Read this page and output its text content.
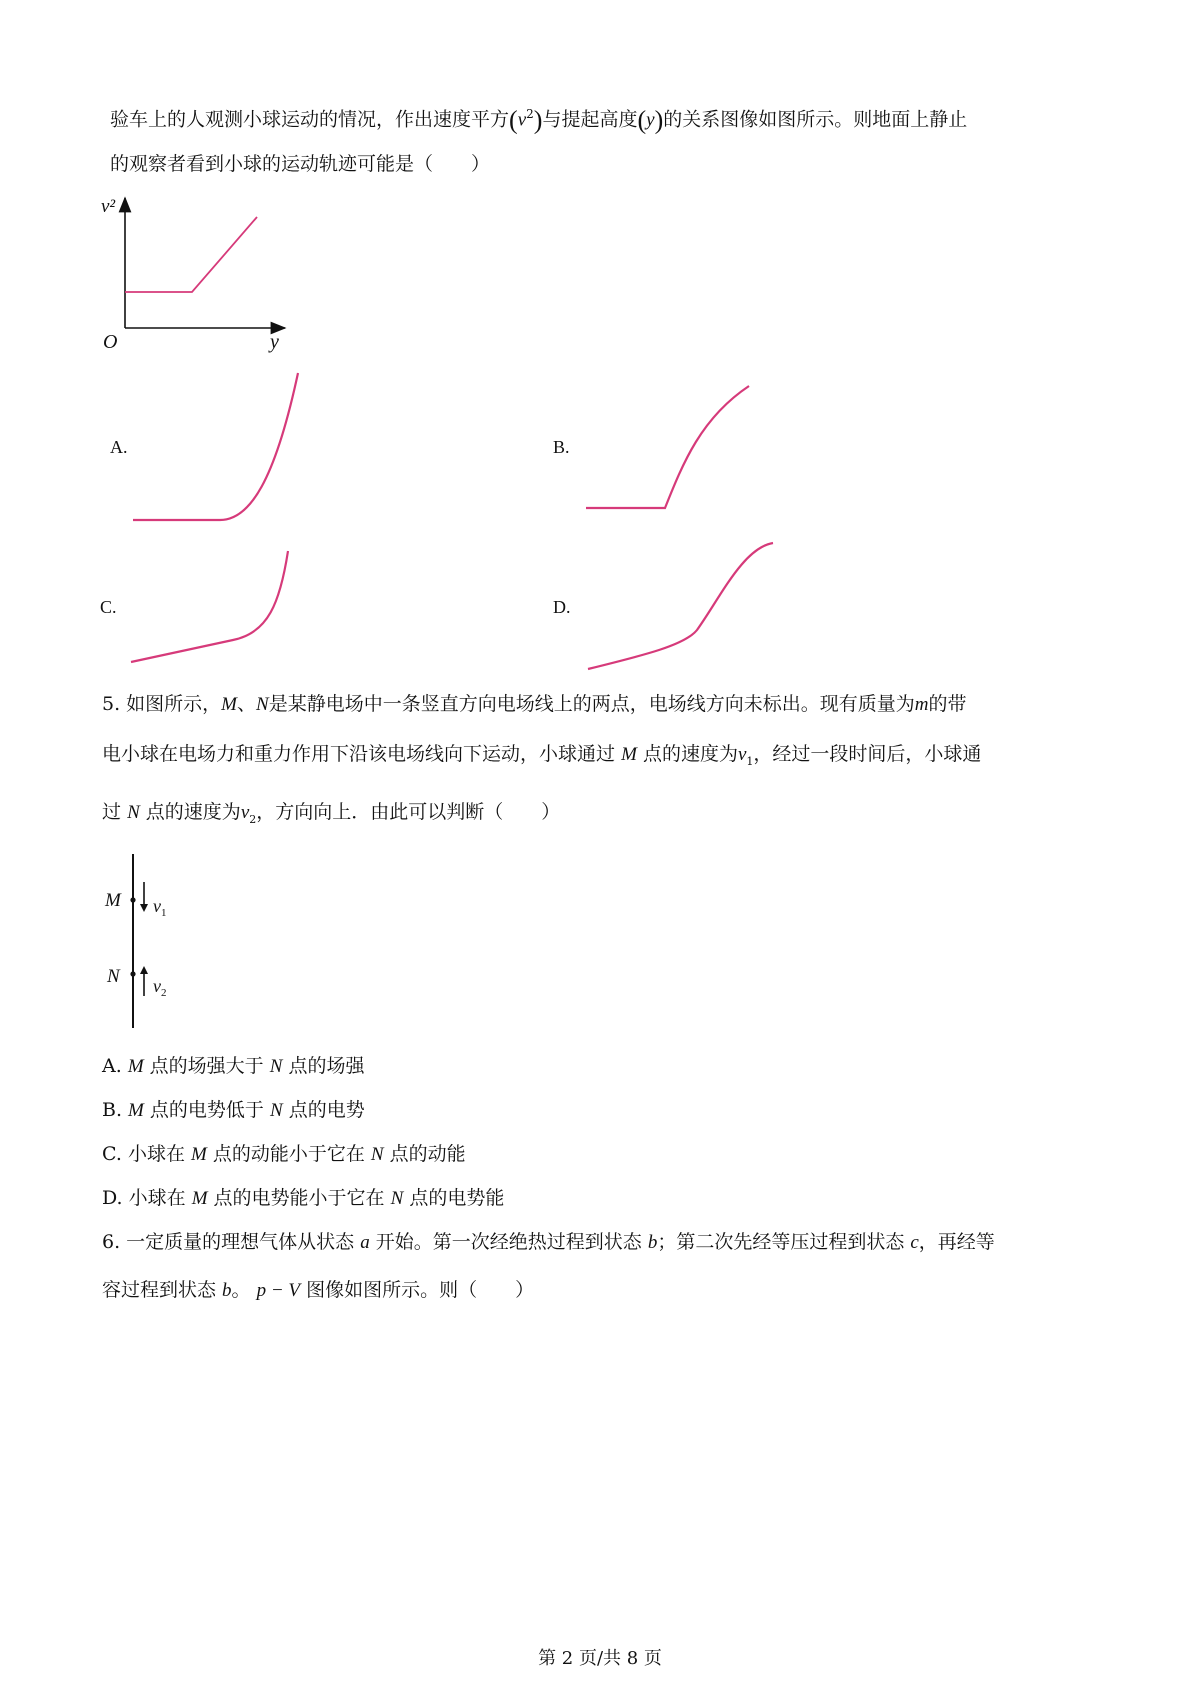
验车上的人观测小球运动的情况，作出速度平方$(v^2)$与提起高度(y)的关系图像如图所示。则地面上静止
的观察者看到小球的运动轨迹可能是（　　）
v²
O	y
A.	B.
C.	D.
5. 如图所示，M、N是某静电场中一条竖直方向电场线上的两点，电场线方向未标出。现有质量为m的带
电小球在电场力和重力作用下沿该电场线向下运动，小球通过 M 点的速度为$v_1$，经过一段时间后，小球通
过 N 点的速度为$v_2$，方向向上．由此可以判断（　　）
M
N
$v_1$
$v_2$
A. M 点的场强大于 N 点的场强
B. M 点的电势低于 N 点的电势
C. 小球在 M 点的动能小于它在 N 点的动能
D. 小球在 M 点的电势能小于它在 N 点的电势能
6. 一定质量的理想气体从状态 a 开始。第一次经绝热过程到状态 b；第二次先经等压过程到状态 c，再经等
容过程到状态 b。 p − V 图像如图所示。则（　　）
第 2 页/共 8 页
